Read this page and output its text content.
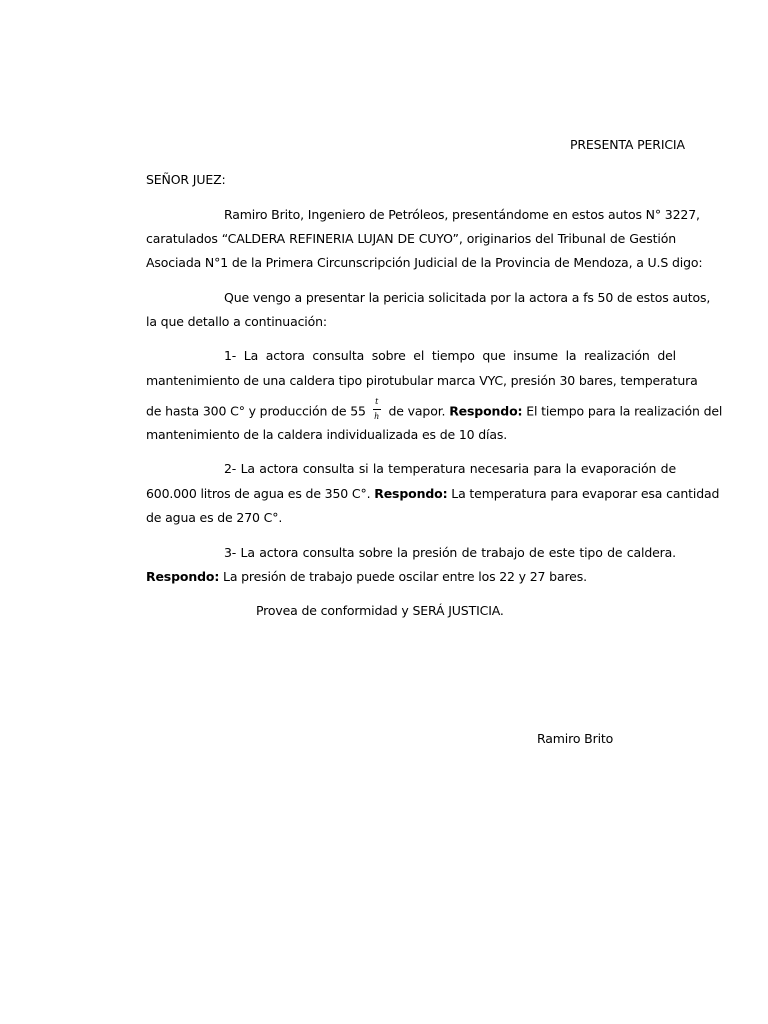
PRESENTA PERICIA
SEÑOR JUEZ:
Ramiro Brito, Ingeniero de Petróleos, presentándome en estos autos N° 3227,
caratulados “CALDERA REFINERIA LUJAN DE CUYO”, originarios del Tribunal de Gestión
Asociada N°1 de la Primera Circunscripción Judicial de la Provincia de Mendoza, a U.S digo:
Que vengo a presentar la pericia solicitada por la actora a fs 50 de estos autos,
la que detallo a continuación:
1- La actora consulta sobre el tiempo que insume la realización del
mantenimiento de una caldera tipo pirotubular marca VYC, presión 30 bares, temperatura
de hasta 300 C° y producción de $55 \frac{t}{h}$ de vapor. Respondo: El tiempo para la realización del
mantenimiento de la caldera individualizada es de 10 días.
2- La actora consulta si la temperatura necesaria para la evaporación de
600.000 litros de agua es de 350 C°. Respondo: La temperatura para evaporar esa cantidad
de agua es de 270 C°.
3- La actora consulta sobre la presión de trabajo de este tipo de caldera.
Respondo: La presión de trabajo puede oscilar entre los 22 y 27 bares.
Provea de conformidad y SERÁ JUSTICIA.
Ramiro Brito
